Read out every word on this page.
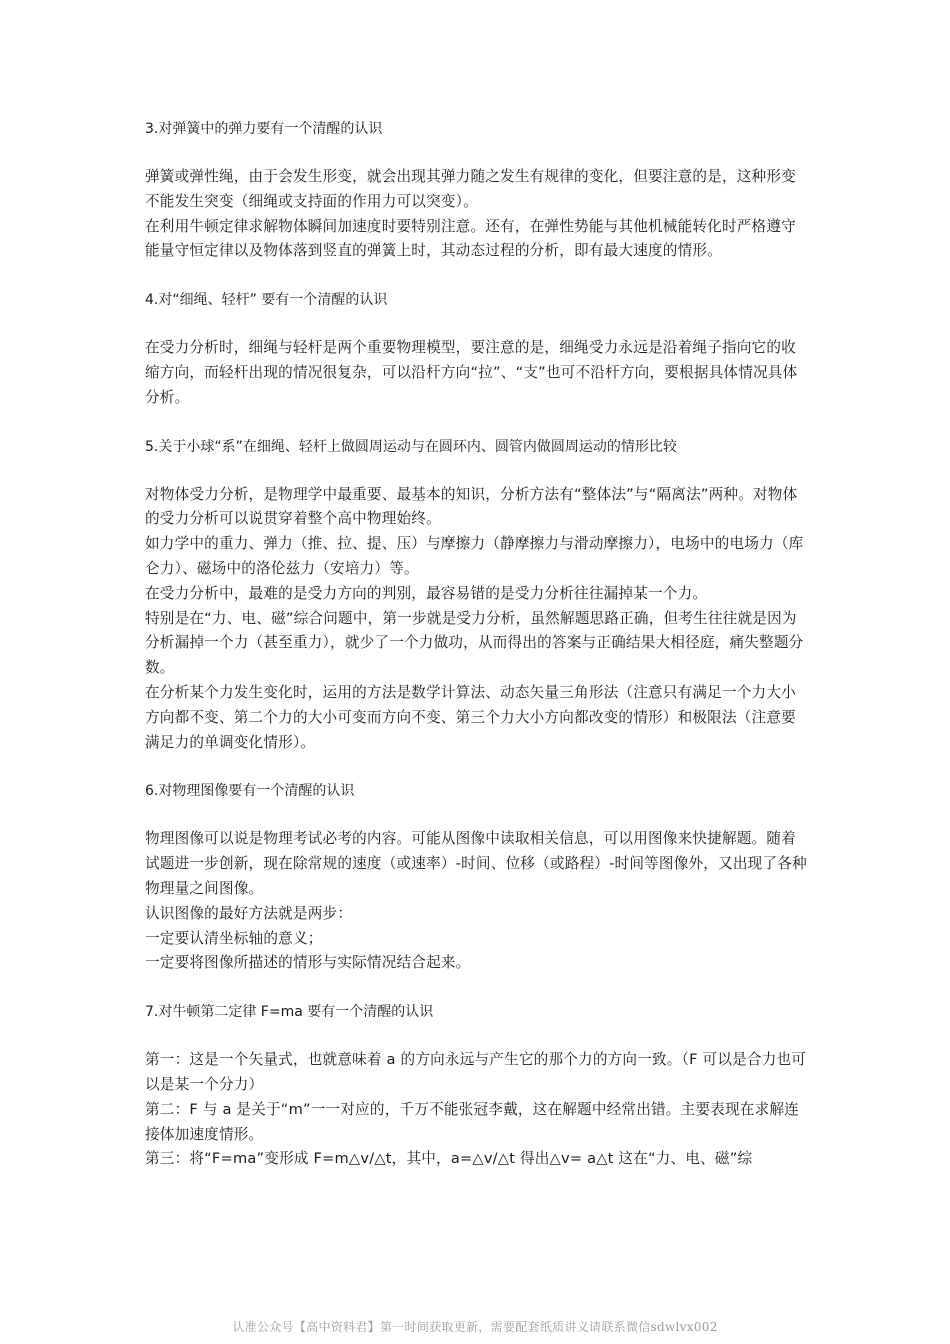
3.对弹簧中的弹力要有一个清醒的认识

弹簧或弹性绳，由于会发生形变，就会出现其弹力随之发生有规律的变化，但要注意的是，这种形变不能发生突变（细绳或支持面的作用力可以突变）。

在利用牛顿定律求解物体瞬间加速度时要特别注意。还有，在弹性势能与其他机械能转化时严格遵守能量守恒定律以及物体落到竖直的弹簧上时，其动态过程的分析，即有最大速度的情形。

4.对“细绳、轻杆” 要有一个清醒的认识

在受力分析时，细绳与轻杆是两个重要物理模型，要注意的是，细绳受力永远是沿着绳子指向它的收缩方向，而轻杆出现的情况很复杂，可以沿杆方向“拉”、“支”也可不沿杆方向，要根据具体情况具体分析。

5.关于小球“系”在细绳、轻杆上做圆周运动与在圆环内、圆管内做圆周运动的情形比较

对物体受力分析，是物理学中最重要、最基本的知识，分析方法有“整体法”与“隔离法”两种。对物体的受力分析可以说贯穿着整个高中物理始终。

如力学中的重力、弹力（推、拉、提、压）与摩擦力（静摩擦力与滑动摩擦力），电场中的电场力（库仑力）、磁场中的洛伦兹力（安培力）等。

在受力分析中，最难的是受力方向的判别，最容易错的是受力分析往往漏掉某一个力。

特别是在“力、电、磁”综合问题中，第一步就是受力分析，虽然解题思路正确，但考生往往就是因为分析漏掉一个力（甚至重力），就少了一个力做功，从而得出的答案与正确结果大相径庭，痛失整题分数。

在分析某个力发生变化时，运用的方法是数学计算法、动态矢量三角形法（注意只有满足一个力大小方向都不变、第二个力的大小可变而方向不变、第三个力大小方向都改变的情形）和极限法（注意要满足力的单调变化情形）。

6.对物理图像要有一个清醒的认识

物理图像可以说是物理考试必考的内容。可能从图像中读取相关信息，可以用图像来快捷解题。随着试题进一步创新，现在除常规的速度（或速率）-时间、位移（或路程）-时间等图像外，又出现了各种物理量之间图像。

认识图像的最好方法就是两步：

一定要认清坐标轴的意义；

一定要将图像所描述的情形与实际情况结合起来。

7.对牛顿第二定律 F=ma 要有一个清醒的认识

第一：这是一个矢量式，也就意味着 a 的方向永远与产生它的那个力的方向一致。（F 可以是合力也可以是某一个分力）

第二：F 与 a 是关于“m”一一对应的，千万不能张冠李戴，这在解题中经常出错。主要表现在求解连接体加速度情形。

第三：将“F=ma”变形成 F=m△v/△t，其中，a=△v/△t 得出△v= a△t 这在“力、电、磁”综

认准公众号【高中资料君】第一时间获取更新，需要配套纸质讲义请联系微信sdwlvx002
